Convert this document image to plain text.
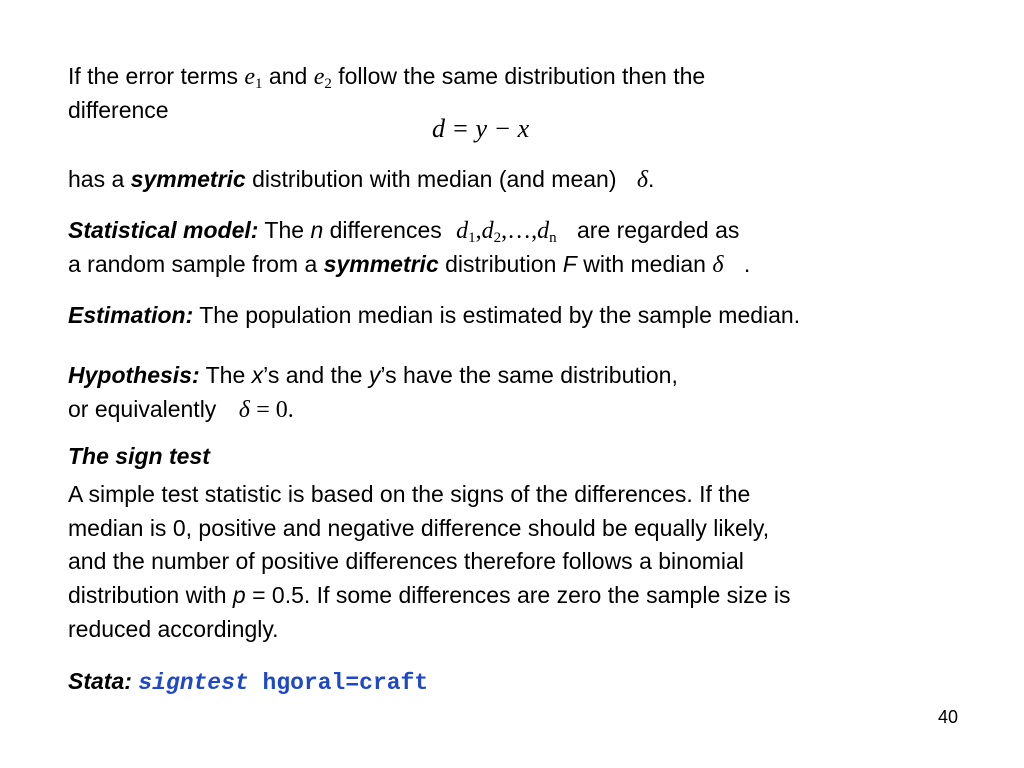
If the error terms $e_1$ and $e_2$ follow the same distribution then the

difference

d = y − x

has a symmetric distribution with median (and mean) δ.

Statistical model: The n differences $d_1,d_2,\dots,d_n$ are regarded as

a random sample from a symmetric distribution F with median δ .

Estimation: The population median is estimated by the sample median.

Hypothesis: The x’s and the y’s have the same distribution,

or equivalently δ = 0.

The sign test

A simple test statistic is based on the signs of the differences. If the

median is 0, positive and negative difference should be equally likely,

and the number of positive differences therefore follows a binomial

distribution with p = 0.5. If some differences are zero the sample size is

reduced accordingly.

Stata: signtest hgoral=craft

40
